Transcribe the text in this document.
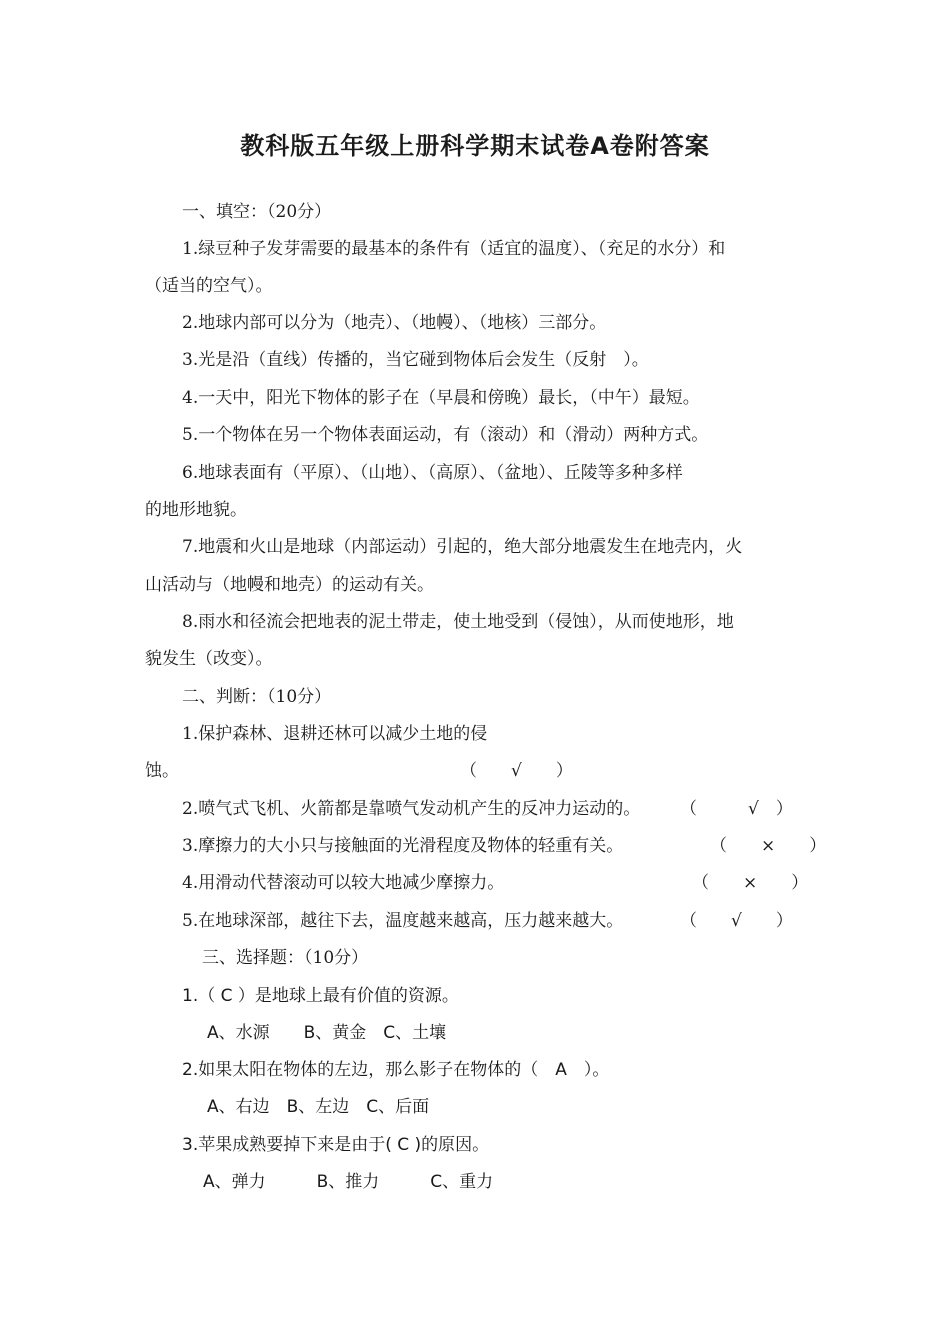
教科版五年级上册科学期末试卷A卷附答案
一、填空：（20分）
1.绿豆种子发芽需要的最基本的条件有（适宜的温度）、（充足的水分）和
（适当的空气）。
2.地球内部可以分为（地壳）、（地幔）、（地核）三部分。
3.光是沿（直线）传播的，当它碰到物体后会发生（反射　）。
4.一天中，阳光下物体的影子在（早晨和傍晚）最长，（中午）最短。
5.一个物体在另一个物体表面运动，有（滚动）和（滑动）两种方式。
6.地球表面有（平原）、（山地）、（高原）、（盆地）、丘陵等多种多样
的地形地貌。
7.地震和火山是地球（内部运动）引起的，绝大部分地震发生在地壳内，火
山活动与（地幔和地壳）的运动有关。
8.雨水和径流会把地表的泥土带走，使土地受到（侵蚀），从而使地形，地
貌发生（改变）。
二、判断：（10分）
1.保护森林、退耕还林可以减少土地的侵
蚀。	（　　√　　）
2.喷气式飞机、火箭都是靠喷气发动机产生的反冲力运动的。 （　　　√　）
3.摩擦力的大小只与接触面的光滑程度及物体的轻重有关。	（　　×　　）
4.用滑动代替滚动可以较大地减少摩擦力。	（　　×　　）
5.在地球深部，越往下去，温度越来越高，压力越来越大。	（　　√　　）
三、选择题：（10分）
1.（ C ）是地球上最有价值的资源。
A、水源　　B、黄金　C、土壤
2.如果太阳在物体的左边，那么影子在物体的（　A　）。
A、右边　B、左边　C、后面
3.苹果成熟要掉下来是由于( C )的原因。
A、弹力　　　B、推力　　　C、重力
